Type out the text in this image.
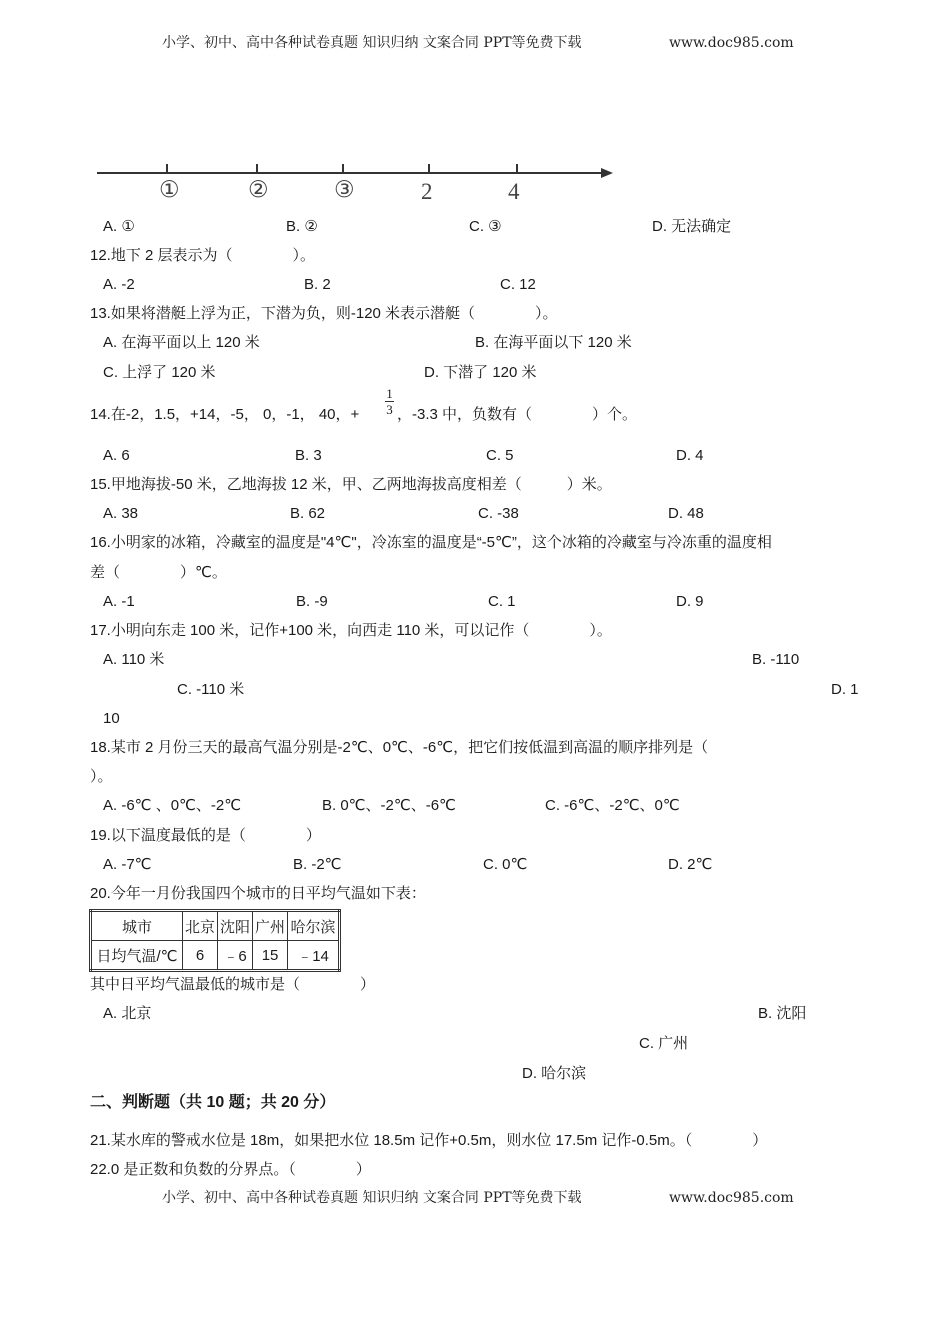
小学、初中、高中各种试卷真题 知识归纳 文案合同 PPT等免费下载	www.doc985.com
①	②	③	2	4
A. ①	B. ②	C. ③	D. 无法确定
12.地下 2 层表示为（　　　　）。
A. -2	B. 2	C. 12
13.如果将潜艇上浮为正，下潜为负，则-120 米表示潜艇（　　　　）。
A. 在海平面以上 120 米	B. 在海平面以下 120 米
C. 上浮了 120 米	D. 下潜了 120 米
14.在-2，1.5，+14，-5， 0，-1， 40，+
1
3 ，-3.3 中，负数有（　　　　）个。
A. 6	B. 3	C. 5	D. 4
15.甲地海拔-50 米，乙地海拔 12 米，甲、乙两地海拔高度相差（　　　）米。
A. 38	B. 62	C. -38	D. 48
16.小明家的冰箱，冷藏室的温度是"4℃"，冷冻室的温度是“-5℃”，这个冰箱的冷藏室与冷冻重的温度相
差（　　　　）℃。
A. -1	B. -9	C. 1	D. 9
17.小明向东走 100 米，记作+100 米，向西走 110 米，可以记作（　　　　）。
A. 110 米	B. -110
C. -110 米	D. 1
10
18.某市 2 月份三天的最高气温分别是-2℃、0℃、-6℃，把它们按低温到高温的顺序排列是（
）。
A. -6℃ 、0℃、-2℃	B. 0℃、-2℃、-6℃	C. -6℃、-2℃、0℃
19.以下温度最低的是（　　　　）
A. -7℃	B. -2℃	C. 0℃	D. 2℃
20.今年一月份我国四个城市的日平均气温如下表：
城市	北京	沈阳	广州	哈尔滨
日均气温/℃	6	﹣6	15	﹣14
其中日平均气温最低的城市是（　　　　）
A. 北京	B. 沈阳
C. 广州
D. 哈尔滨
二、判断题（共 10 题；共 20 分）
21.某水库的警戒水位是 18m，如果把水位 18.5m 记作+0.5m，则水位 17.5m 记作-0.5m。（　　　　）
22.0 是正数和负数的分界点。（　　　　）
小学、初中、高中各种试卷真题 知识归纳 文案合同 PPT等免费下载	www.doc985.com
